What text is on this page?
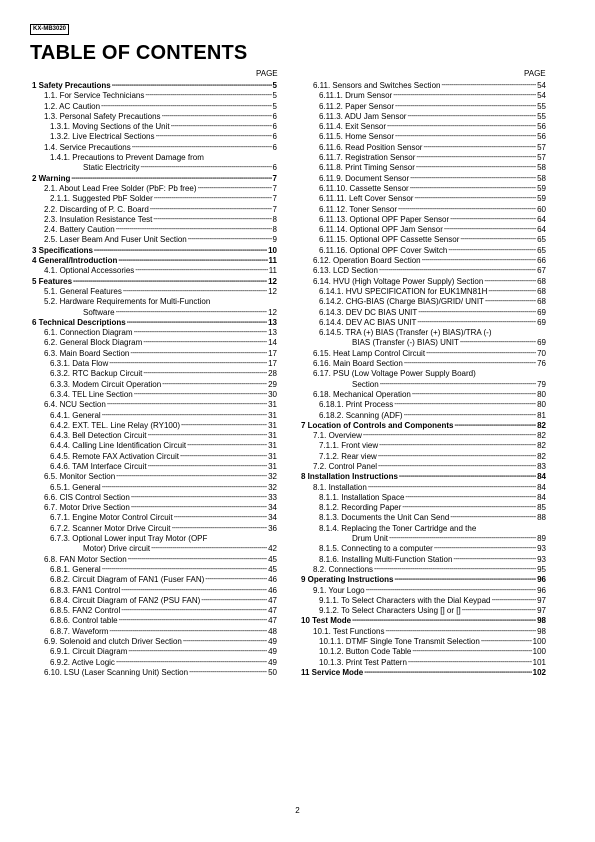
KX-MB3020
TABLE OF CONTENTS
PAGE	PAGE
1 Safety Precautions -----	5
1.1. For Service Technicians -----	5
1.2. AC Caution -----	5
1.3. Personal Safety Precautions -----	6
1.3.1. Moving Sections of the Unit -----	6
1.3.2. Live Electrical Sections -----	6
1.4. Service Precautions -----	6
1.4.1. Precautions to Prevent Damage from
Static Electricity -----	6
2 Warning -----	7
2.1. About Lead Free Solder (PbF: Pb free) -----	7
2.1.1. Suggested PbF Solder -----	7
2.2. Discarding of P. C. Board -----	7
2.3. Insulation Resistance Test -----	8
2.4. Battery Caution -----	8
2.5. Laser Beam And Fuser Unit Section -----	9
3 Specifications -----	10
4 General/Introduction -----	11
4.1. Optional Accessories -----	11
5 Features -----	12
5.1. General Features -----	12
5.2. Hardware Requirements for Multi-Function
Software -----	12
6 Technical Descriptions -----	13
6.1. Connection Diagram -----	13
6.2. General Block Diagram -----	14
6.3. Main Board Section -----	17
6.3.1. Data Flow -----	17
6.3.2. RTC Backup Circuit -----	28
6.3.3. Modem Circuit Operation -----	29
6.3.4. TEL Line Section -----	30
6.4. NCU Section -----	31
6.4.1. General -----	31
6.4.2. EXT. TEL. Line Relay (RY100) -----	31
6.4.3. Bell Detection Circuit -----	31
6.4.4. Calling Line Identification Circuit -----	31
6.4.5. Remote FAX Activation Circuit -----	31
6.4.6. TAM Interface Circuit -----	31
6.5. Monitor Section -----	32
6.5.1. General -----	32
6.6. CIS Control Section -----	33
6.7. Motor Drive Section -----	34
6.7.1. Engine Motor Control Circuit -----	34
6.7.2. Scanner Motor Drive Circuit -----	36
6.7.3. Optional Lower input Tray Motor (OPF
Motor) Drive circuit -----	42
6.8. FAN Motor Section -----	45
6.8.1. General -----	45
6.8.2. Circuit Diagram of FAN1 (Fuser FAN) -----	46
6.8.3. FAN1 Control -----	46
6.8.4. Circuit Diagram of FAN2 (PSU FAN) -----	47
6.8.5. FAN2 Control -----	47
6.8.6. Control table -----	47
6.8.7. Waveform -----	48
6.9. Solenoid and clutch Driver Section -----	49
6.9.1. Circuit Diagram -----	49
6.9.2. Active Logic -----	49
6.10. LSU (Laser Scanning Unit) Section -----	50
6.11. Sensors and Switches Section -----	54
6.11.1. Drum Sensor -----	54
6.11.2. Paper Sensor -----	55
6.11.3. ADU Jam Sensor -----	55
6.11.4. Exit Sensor -----	56
6.11.5. Home Sensor -----	56
6.11.6. Read Position Sensor -----	57
6.11.7. Registration Sensor -----	57
6.11.8. Print Timing Sensor -----	58
6.11.9. Document Sensor -----	58
6.11.10. Cassette Sensor -----	59
6.11.11. Left Cover Sensor -----	59
6.11.12. Toner Sensor -----	60
6.11.13. Optional OPF Paper Sensor -----	64
6.11.14. Optional OPF Jam Sensor -----	64
6.11.15. Optional OPF Cassette Sensor -----	65
6.11.16. Optional OPF Cover Switch -----	65
6.12. Operation Board Section -----	66
6.13. LCD Section -----	67
6.14. HVU (High Voltage Power Supply) Section -----	68
6.14.1. HVU SPECIFICATION for EUK1MN81H -----	68
6.14.2. CHG-BIAS (Charge BIAS)/GRID/ UNIT -----	68
6.14.3. DEV DC BIAS UNIT -----	69
6.14.4. DEV AC BIAS UNIT -----	69
6.14.5. TRA (+) BIAS (Transfer (+) BIAS)/TRA (-)
BIAS (Transfer (-) BIAS) UNIT -----	69
6.15. Heat Lamp Control Circuit -----	70
6.16. Main Board Section -----	76
6.17. PSU (Low Voltage Power Supply Board)
Section -----	79
6.18. Mechanical Operation -----	80
6.18.1. Print Process -----	80
6.18.2. Scanning (ADF) -----	81
7 Location of Controls and Components -----	82
7.1. Overview -----	82
7.1.1. Front view -----	82
7.1.2. Rear view -----	82
7.2. Control Panel -----	83
8 Installation Instructions -----	84
8.1. Installation -----	84
8.1.1. Installation Space -----	84
8.1.2. Recording Paper -----	85
8.1.3. Documents the Unit Can Send -----	88
8.1.4. Replacing the Toner Cartridge and the
Drum Unit -----	89
8.1.5. Connecting to a computer -----	93
8.1.6. Installing Multi-Function Station -----	93
8.2. Connections -----	95
9 Operating Instructions -----	96
9.1. Your Logo -----	96
9.1.1. To Select Characters with the Dial Keypad -----	97
9.1.2. To Select Characters Using [] or [] -----	97
10 Test Mode -----	98
10.1. Test Functions -----	98
10.1.1. DTMF Single Tone Transmit Selection -----	100
10.1.2. Button Code Table -----	100
10.1.3. Print Test Pattern -----	101
11 Service Mode -----	102
2
